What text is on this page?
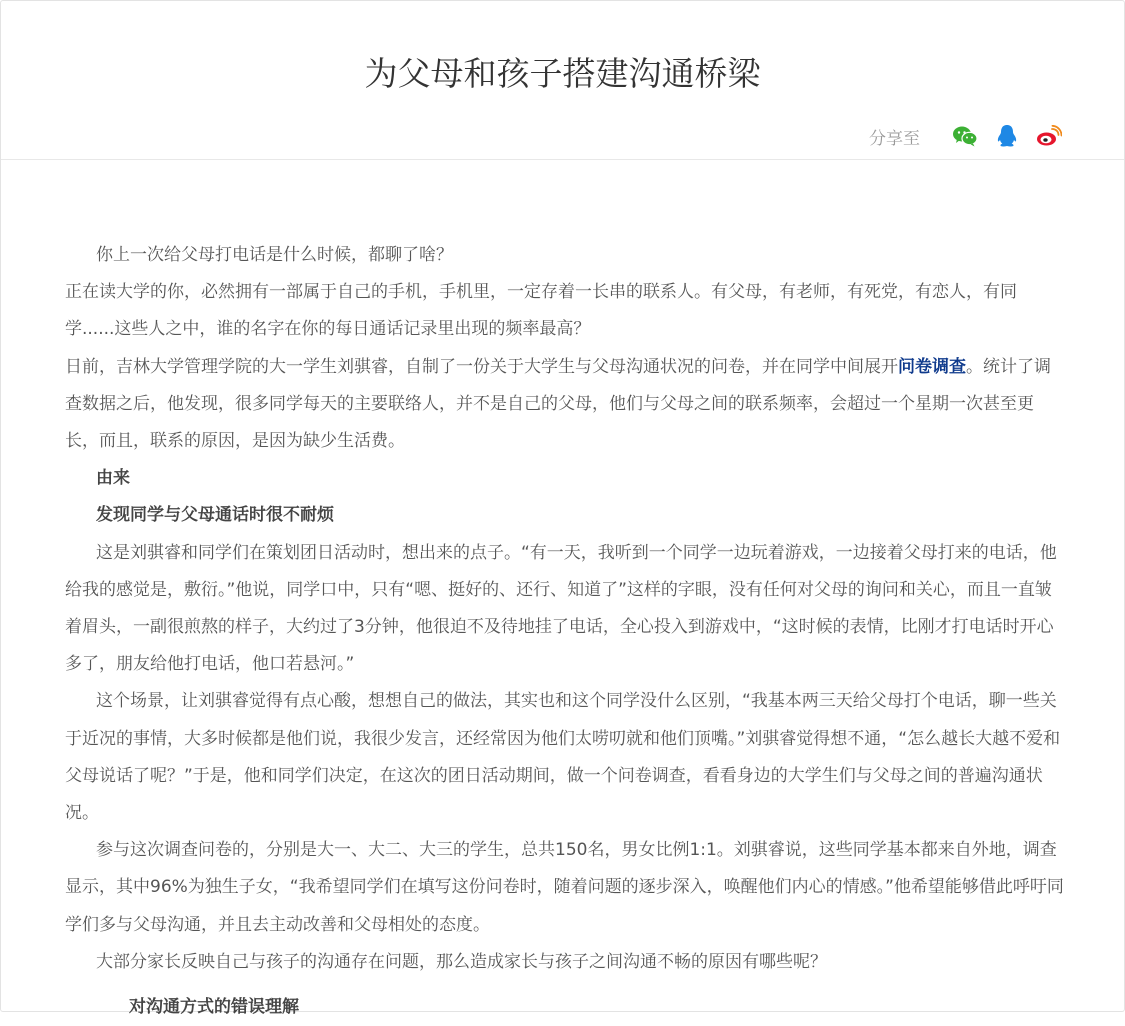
为父母和孩子搭建沟通桥梁
分享至

你上一次给父母打电话是什么时候，都聊了啥？

正在读大学的你，必然拥有一部属于自己的手机，手机里，一定存着一长串的联系人。有父母，有老师，有死党，有恋人，有同学......这些人之中，谁的名字在你的每日通话记录里出现的频率最高？

日前，吉林大学管理学院的大一学生刘骐睿，自制了一份关于大学生与父母沟通状况的问卷，并在同学中间展开问卷调查。统计了调查数据之后，他发现，很多同学每天的主要联络人，并不是自己的父母，他们与父母之间的联系频率，会超过一个星期一次甚至更长，而且，联系的原因，是因为缺少生活费。

由来

发现同学与父母通话时很不耐烦

这是刘骐睿和同学们在策划团日活动时，想出来的点子。“有一天，我听到一个同学一边玩着游戏，一边接着父母打来的电话，他给我的感觉是，敷衍。”他说，同学口中，只有“嗯、挺好的、还行、知道了”这样的字眼，没有任何对父母的询问和关心，而且一直皱着眉头，一副很煎熬的样子，大约过了3分钟，他很迫不及待地挂了电话，全心投入到游戏中，“这时候的表情，比刚才打电话时开心多了，朋友给他打电话，他口若悬河。”

这个场景，让刘骐睿觉得有点心酸，想想自己的做法，其实也和这个同学没什么区别，“我基本两三天给父母打个电话，聊一些关于近况的事情，大多时候都是他们说，我很少发言，还经常因为他们太唠叨就和他们顶嘴。”刘骐睿觉得想不通，“怎么越长大越不爱和父母说话了呢？”于是，他和同学们决定，在这次的团日活动期间，做一个问卷调查，看看身边的大学生们与父母之间的普遍沟通状况。

参与这次调查问卷的，分别是大一、大二、大三的学生，总共150名，男女比例1:1。刘骐睿说，这些同学基本都来自外地，调查显示，其中96%为独生子女，“我希望同学们在填写这份问卷时，随着问题的逐步深入，唤醒他们内心的情感。”他希望能够借此呼吁同学们多与父母沟通，并且去主动改善和父母相处的态度。

大部分家长反映自己与孩子的沟通存在问题，那么造成家长与孩子之间沟通不畅的原因有哪些呢？

对沟通方式的错误理解
